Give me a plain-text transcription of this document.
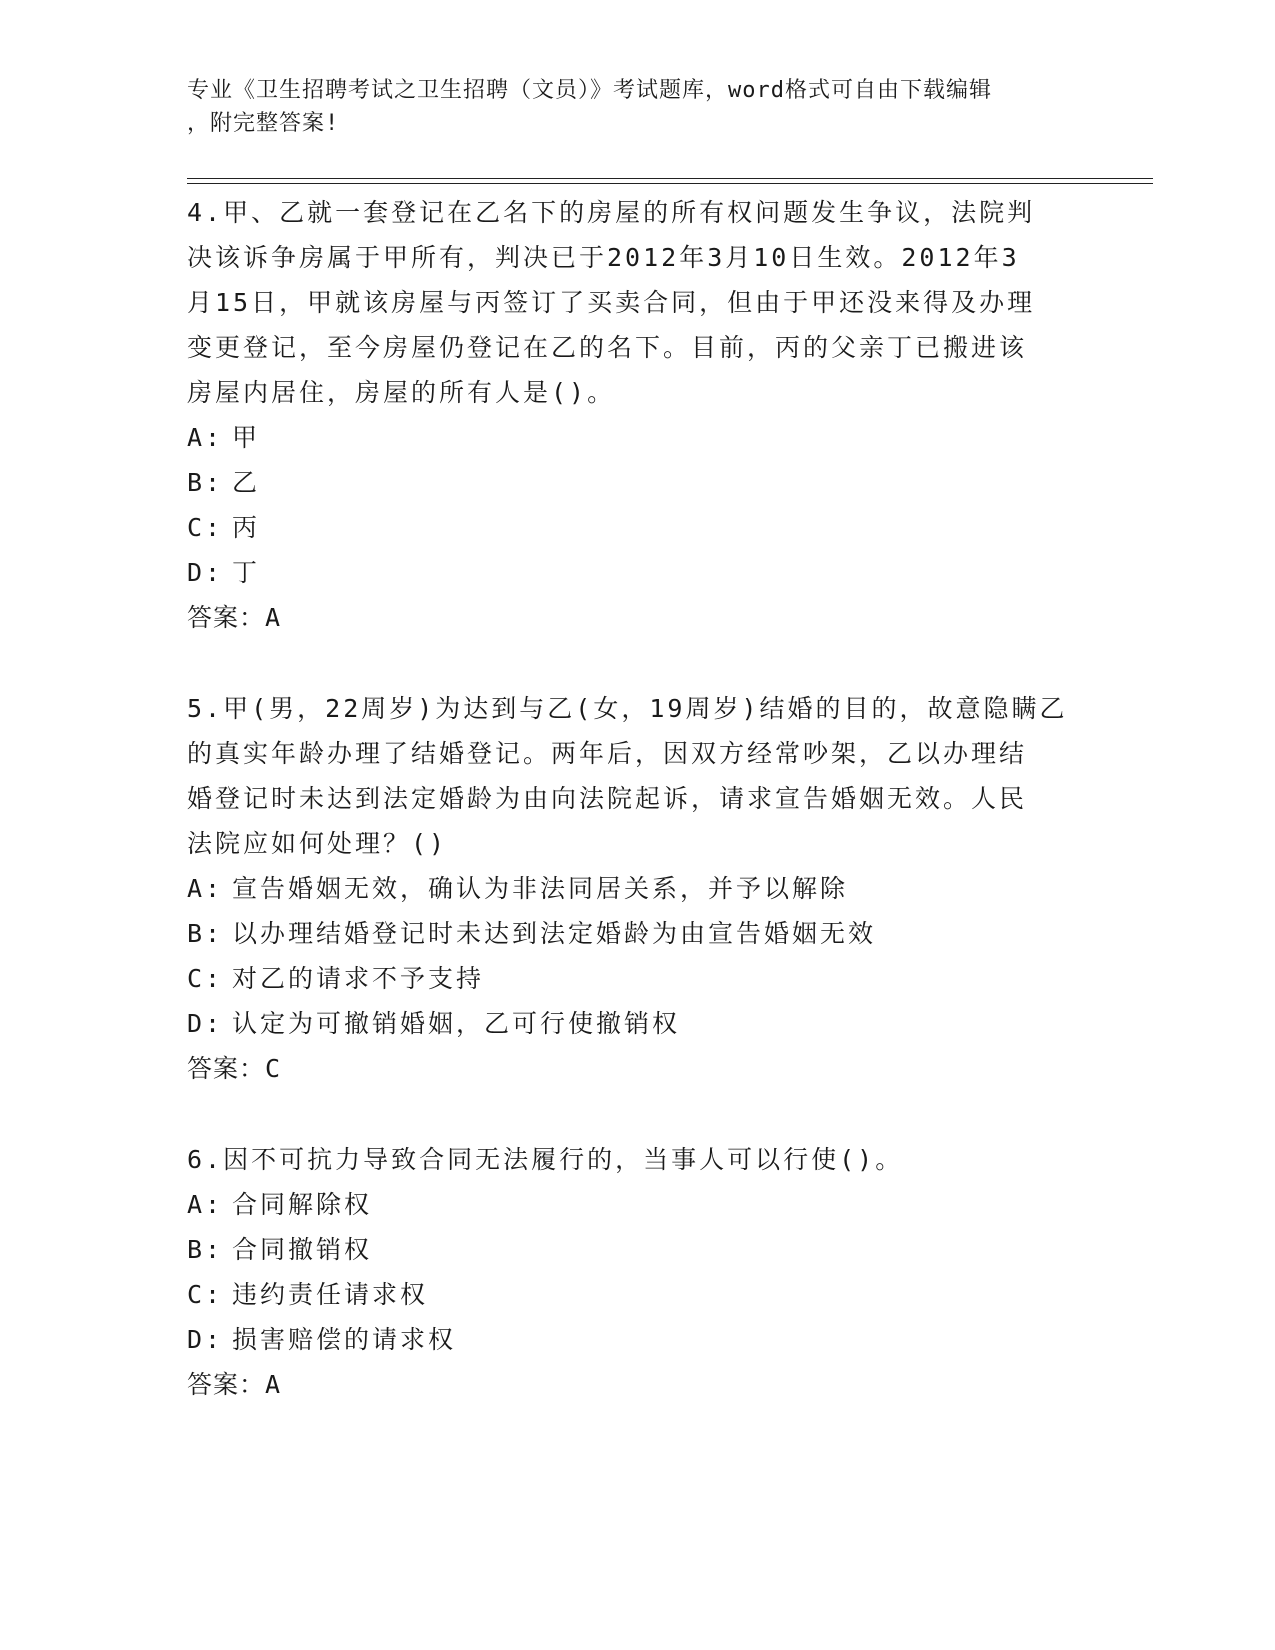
专业《卫生招聘考试之卫生招聘（文员）》考试题库，word格式可自由下载编辑
，附完整答案!
4.甲、乙就一套登记在乙名下的房屋的所有权问题发生争议，法院判
决该诉争房属于甲所有，判决已于2012年3月10日生效。2012年3
月15日，甲就该房屋与丙签订了买卖合同，但由于甲还没来得及办理
变更登记，至今房屋仍登记在乙的名下。目前，丙的父亲丁已搬进该
房屋内居住，房屋的所有人是()。
A: 甲
B: 乙
C: 丙
D: 丁
答案：A
5.甲(男，22周岁)为达到与乙(女，19周岁)结婚的目的，故意隐瞒乙
的真实年龄办理了结婚登记。两年后，因双方经常吵架，乙以办理结
婚登记时未达到法定婚龄为由向法院起诉，请求宣告婚姻无效。人民
法院应如何处理？()
A: 宣告婚姻无效，确认为非法同居关系，并予以解除
B: 以办理结婚登记时未达到法定婚龄为由宣告婚姻无效
C: 对乙的请求不予支持
D: 认定为可撤销婚姻，乙可行使撤销权
答案：C
6.因不可抗力导致合同无法履行的，当事人可以行使()。
A: 合同解除权
B: 合同撤销权
C: 违约责任请求权
D: 损害赔偿的请求权
答案：A
